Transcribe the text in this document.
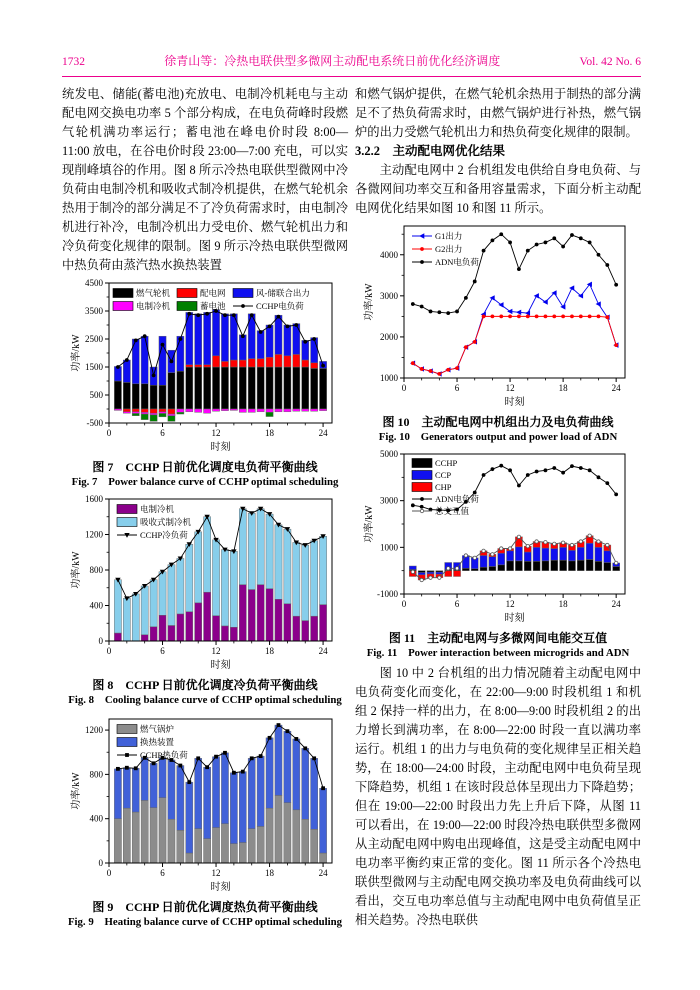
1732	徐青山等：冷热电联供型多微网主动配电系统日前优化经济调度	Vol. 42 No. 6

统发电、储能(蓄电池)充放电、电制冷机耗电与主动配电网交换电功率 5 个部分构成，在电负荷峰时段燃气轮机满功率运行；蓄电池在峰电价时段 8:00—11:00 放电，在谷电价时段 23:00—7:00 充电，可以实现削峰填谷的作用。图 8 所示冷热电联供型微网中冷负荷由电制冷机和吸收式制冷机提供，在燃气轮机余热用于制冷的部分满足不了冷负荷需求时，由电制冷机进行补冷，电制冷机出力受电价、燃气轮机出力和冷负荷变化规律的限制。图 9 所示冷热电联供型微网中热负荷由蒸汽热水换热装置

-500
500
1500
2500
3500
4500
0	6	12	18	24
时刻
功率/kW
燃气轮机	配电网	风-储联合出力
电制冷机	蓄电池	CCHP电负荷
图 7　CCHP 日前优化调度电负荷平衡曲线
Fig. 7　Power balance curve of CCHP optimal scheduling
0
400
800
1200
1600
0	6	12	18	24
时刻
功率/kW
电制冷机
吸收式制冷机
CCHP冷负荷
图 8　CCHP 日前优化调度冷负荷平衡曲线
Fig. 8　Cooling balance curve of CCHP optimal scheduling
0
400
800
1200
0	6	12	18	24
时刻
功率/kW
燃气锅炉
换热装置
CCHP热负荷
图 9　CCHP 日前优化调度热负荷平衡曲线
Fig. 9　Heating balance curve of CCHP optimal scheduling

和燃气锅炉提供，在燃气轮机余热用于制热的部分满足不了热负荷需求时，由燃气锅炉进行补热，燃气锅炉的出力受燃气轮机出力和热负荷变化规律的限制。

3.2.2　主动配电网优化结果

主动配电网中 2 台机组发电供给自身电负荷、与各微网间功率交互和备用容量需求，下面分析主动配电网优化结果如图 10 和图 11 所示。

1000
2000
3000
4000
0	6	12	18	24
时刻
功率/kW
G1出力
G2出力
ADN电负荷
图 10　主动配电网中机组出力及电负荷曲线
Fig. 10　Generators output and power load of ADN
-1000
1000
3000
5000
0	6	12	18	24
时刻
功率/kW
CCHP
CCP
CHP
ADN电负荷
总交互值
图 11　主动配电网与多微网间电能交互值
Fig. 11　Power interaction between microgrids and ADN

图 10 中 2 台机组的出力情况随着主动配电网中电负荷变化而变化，在 22:00—9:00 时段机组 1 和机组 2 保持一样的出力，在 8:00—9:00 时段机组 2 的出力增长到满功率，在 8:00—22:00 时段一直以满功率运行。机组 1 的出力与电负荷的变化规律呈正相关趋势，在 18:00—24:00 时段，主动配电网中电负荷呈现下降趋势，机组 1 在该时段总体呈现出力下降趋势；但在 19:00—22:00 时段出力先上升后下降，从图 11 可以看出，在 19:00—22:00 时段冷热电联供型多微网从主动配电网中购电出现峰值，这是受主动配电网中电功率平衡约束正常的变化。图 11 所示各个冷热电联供型微网与主动配电网交换功率及电负荷曲线可以看出，交互电功率总值与主动配电网中电负荷值呈正相关趋势。冷热电联供
